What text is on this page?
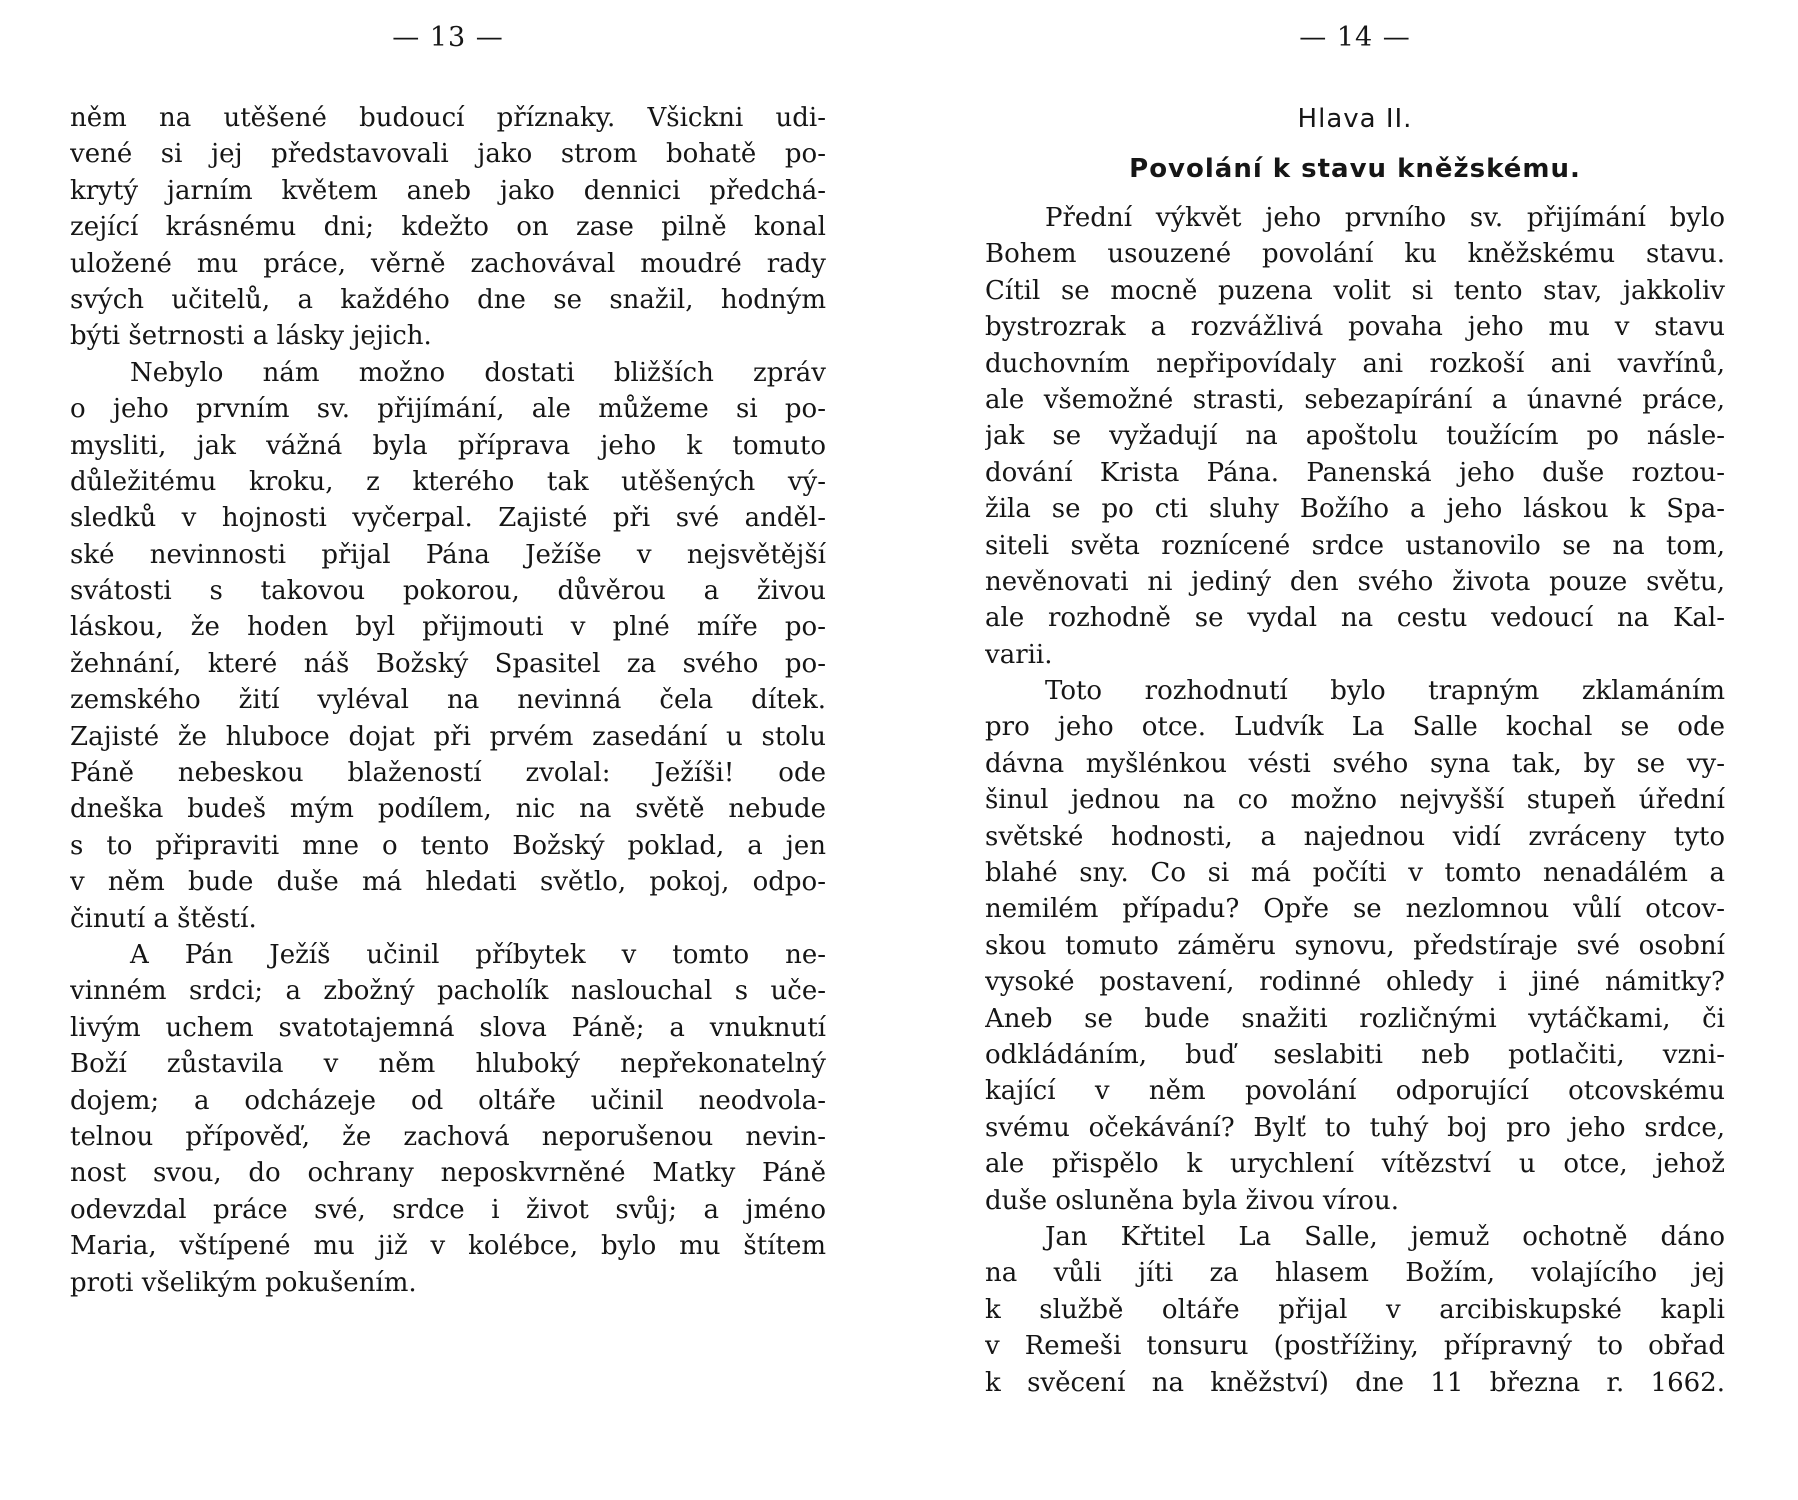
— 13 —
něm na utěšené budoucí příznaky. Všickni udi-
vené si jej představovali jako strom bohatě po-
krytý jarním květem aneb jako dennici předchá-
zející krásnému dni; kdežto on zase pilně konal
uložené mu práce, věrně zachovával moudré rady
svých učitelů, a každého dne se snažil, hodným
býti šetrnosti a lásky jejich.
Nebylo nám možno dostati bližších zpráv
o jeho prvním sv. přijímání, ale můžeme si po-
mysliti, jak vážná byla příprava jeho k tomuto
důležitému kroku, z kterého tak utěšených vý-
sledků v hojnosti vyčerpal. Zajisté při své anděl-
ské nevinnosti přijal Pána Ježíše v nejsvětější
svátosti s takovou pokorou, důvěrou a živou
láskou, že hoden byl přijmouti v plné míře po-
žehnání, které náš Božský Spasitel za svého po-
zemského žití vyléval na nevinná čela dítek.
Zajisté že hluboce dojat při prvém zasedání u stolu
Páně nebeskou blažeností zvolal: Ježíši! ode
dneška budeš mým podílem, nic na světě nebude
s to připraviti mne o tento Božský poklad, a jen
v něm bude duše má hledati světlo, pokoj, odpo-
činutí a štěstí.
A Pán Ježíš učinil příbytek v tomto ne-
vinném srdci; a zbožný pacholík naslouchal s uče-
livým uchem svatotajemná slova Páně; a vnuknutí
Boží zůstavila v něm hluboký nepřekonatelný
dojem; a odcházeje od oltáře učinil neodvola-
telnou přípověď, že zachová neporušenou nevin-
nost svou, do ochrany neposkvrněné Matky Páně
odevzdal práce své, srdce i život svůj; a jméno
Maria, vštípené mu již v kolébce, bylo mu štítem
proti všelikým pokušením.
— 14 —
Hlava II.
Povolání k stavu kněžskému.
Přední výkvět jeho prvního sv. přijímání bylo
Bohem usouzené povolání ku kněžskému stavu.
Cítil se mocně puzena volit si tento stav, jakkoliv
bystrozrak a rozvážlivá povaha jeho mu v stavu
duchovním nepřipovídaly ani rozkoší ani vavřínů,
ale všemožné strasti, sebezapírání a únavné práce,
jak se vyžadují na apoštolu toužícím po násle-
dování Krista Pána. Panenská jeho duše roztou-
žila se po cti sluhy Božího a jeho láskou k Spa-
siteli světa roznícené srdce ustanovilo se na tom,
nevěnovati ni jediný den svého života pouze světu,
ale rozhodně se vydal na cestu vedoucí na Kal-
varii.
Toto rozhodnutí bylo trapným zklamáním
pro jeho otce. Ludvík La Salle kochal se ode
dávna myšlénkou vésti svého syna tak, by se vy-
šinul jednou na co možno nejvyšší stupeň úřední
světské hodnosti, a najednou vidí zvráceny tyto
blahé sny. Co si má počíti v tomto nenadálém a
nemilém případu? Opře se nezlomnou vůlí otcov-
skou tomuto záměru synovu, předstíraje své osobní
vysoké postavení, rodinné ohledy i jiné námitky?
Aneb se bude snažiti rozličnými vytáčkami, či
odkládáním, buď seslabiti neb potlačiti, vzni-
kající v něm povolání odporující otcovskému
svému očekávání? Bylť to tuhý boj pro jeho srdce,
ale přispělo k urychlení vítězství u otce, jehož
duše osluněna byla živou vírou.
Jan Křtitel La Salle, jemuž ochotně dáno
na vůli jíti za hlasem Božím, volajícího jej
k službě oltáře přijal v arcibiskupské kapli
v Remeši tonsuru (postřížiny, přípravný to obřad
k svěcení na kněžství) dne 11 března r. 1662.
